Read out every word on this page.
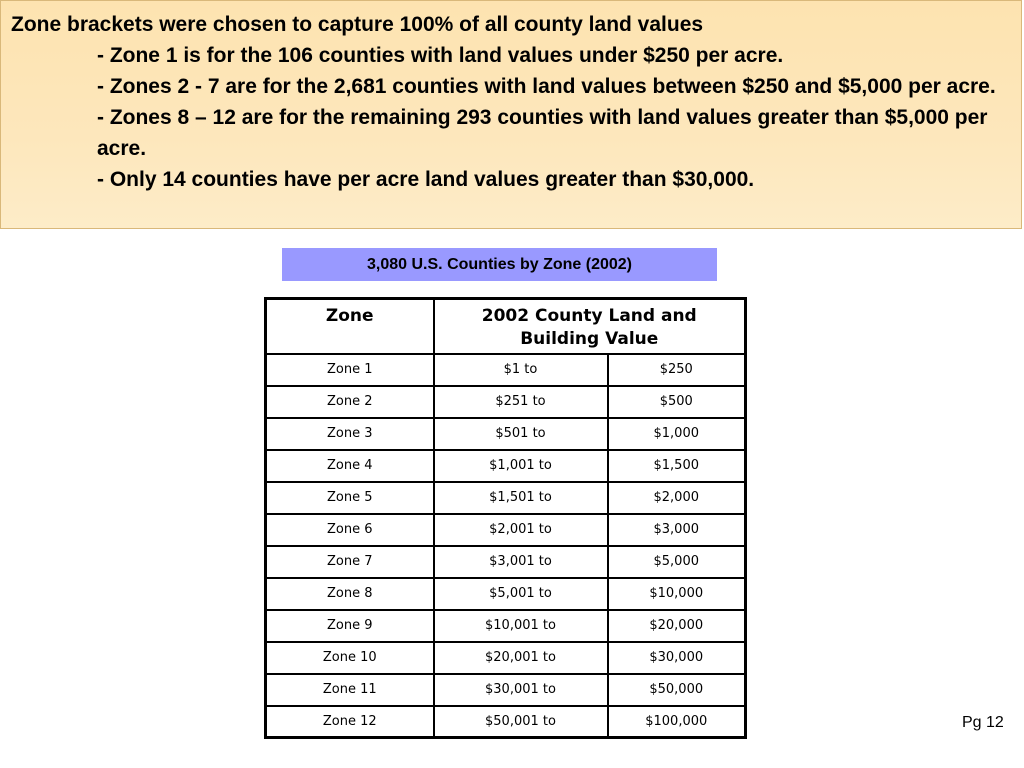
Zone brackets were chosen to capture 100% of all county land values

- Zone 1 is for the 106 counties with land values under $250 per acre.
- Zones 2 - 7 are for the 2,681 counties with land values between $250 and $5,000 per acre.
- Zones 8 – 12 are for the remaining 293 counties with land values greater than $5,000 per acre.
- Only 14 counties have per acre land values greater than $30,000.
3,080 U.S. Counties by Zone (2002)
Zone	2002 County Land and Building Value	
Zone 1	$1 to	$250
Zone 2	$251 to	$500
Zone 3	$501 to	$1,000
Zone 4	$1,001 to	$1,500
Zone 5	$1,501 to	$2,000
Zone 6	$2,001 to	$3,000
Zone 7	$3,001 to	$5,000
Zone 8	$5,001 to	$10,000
Zone 9	$10,001 to	$20,000
Zone 10	$20,001 to	$30,000
Zone 11	$30,001 to	$50,000
Zone 12	$50,001 to	$100,000	Pg 12
